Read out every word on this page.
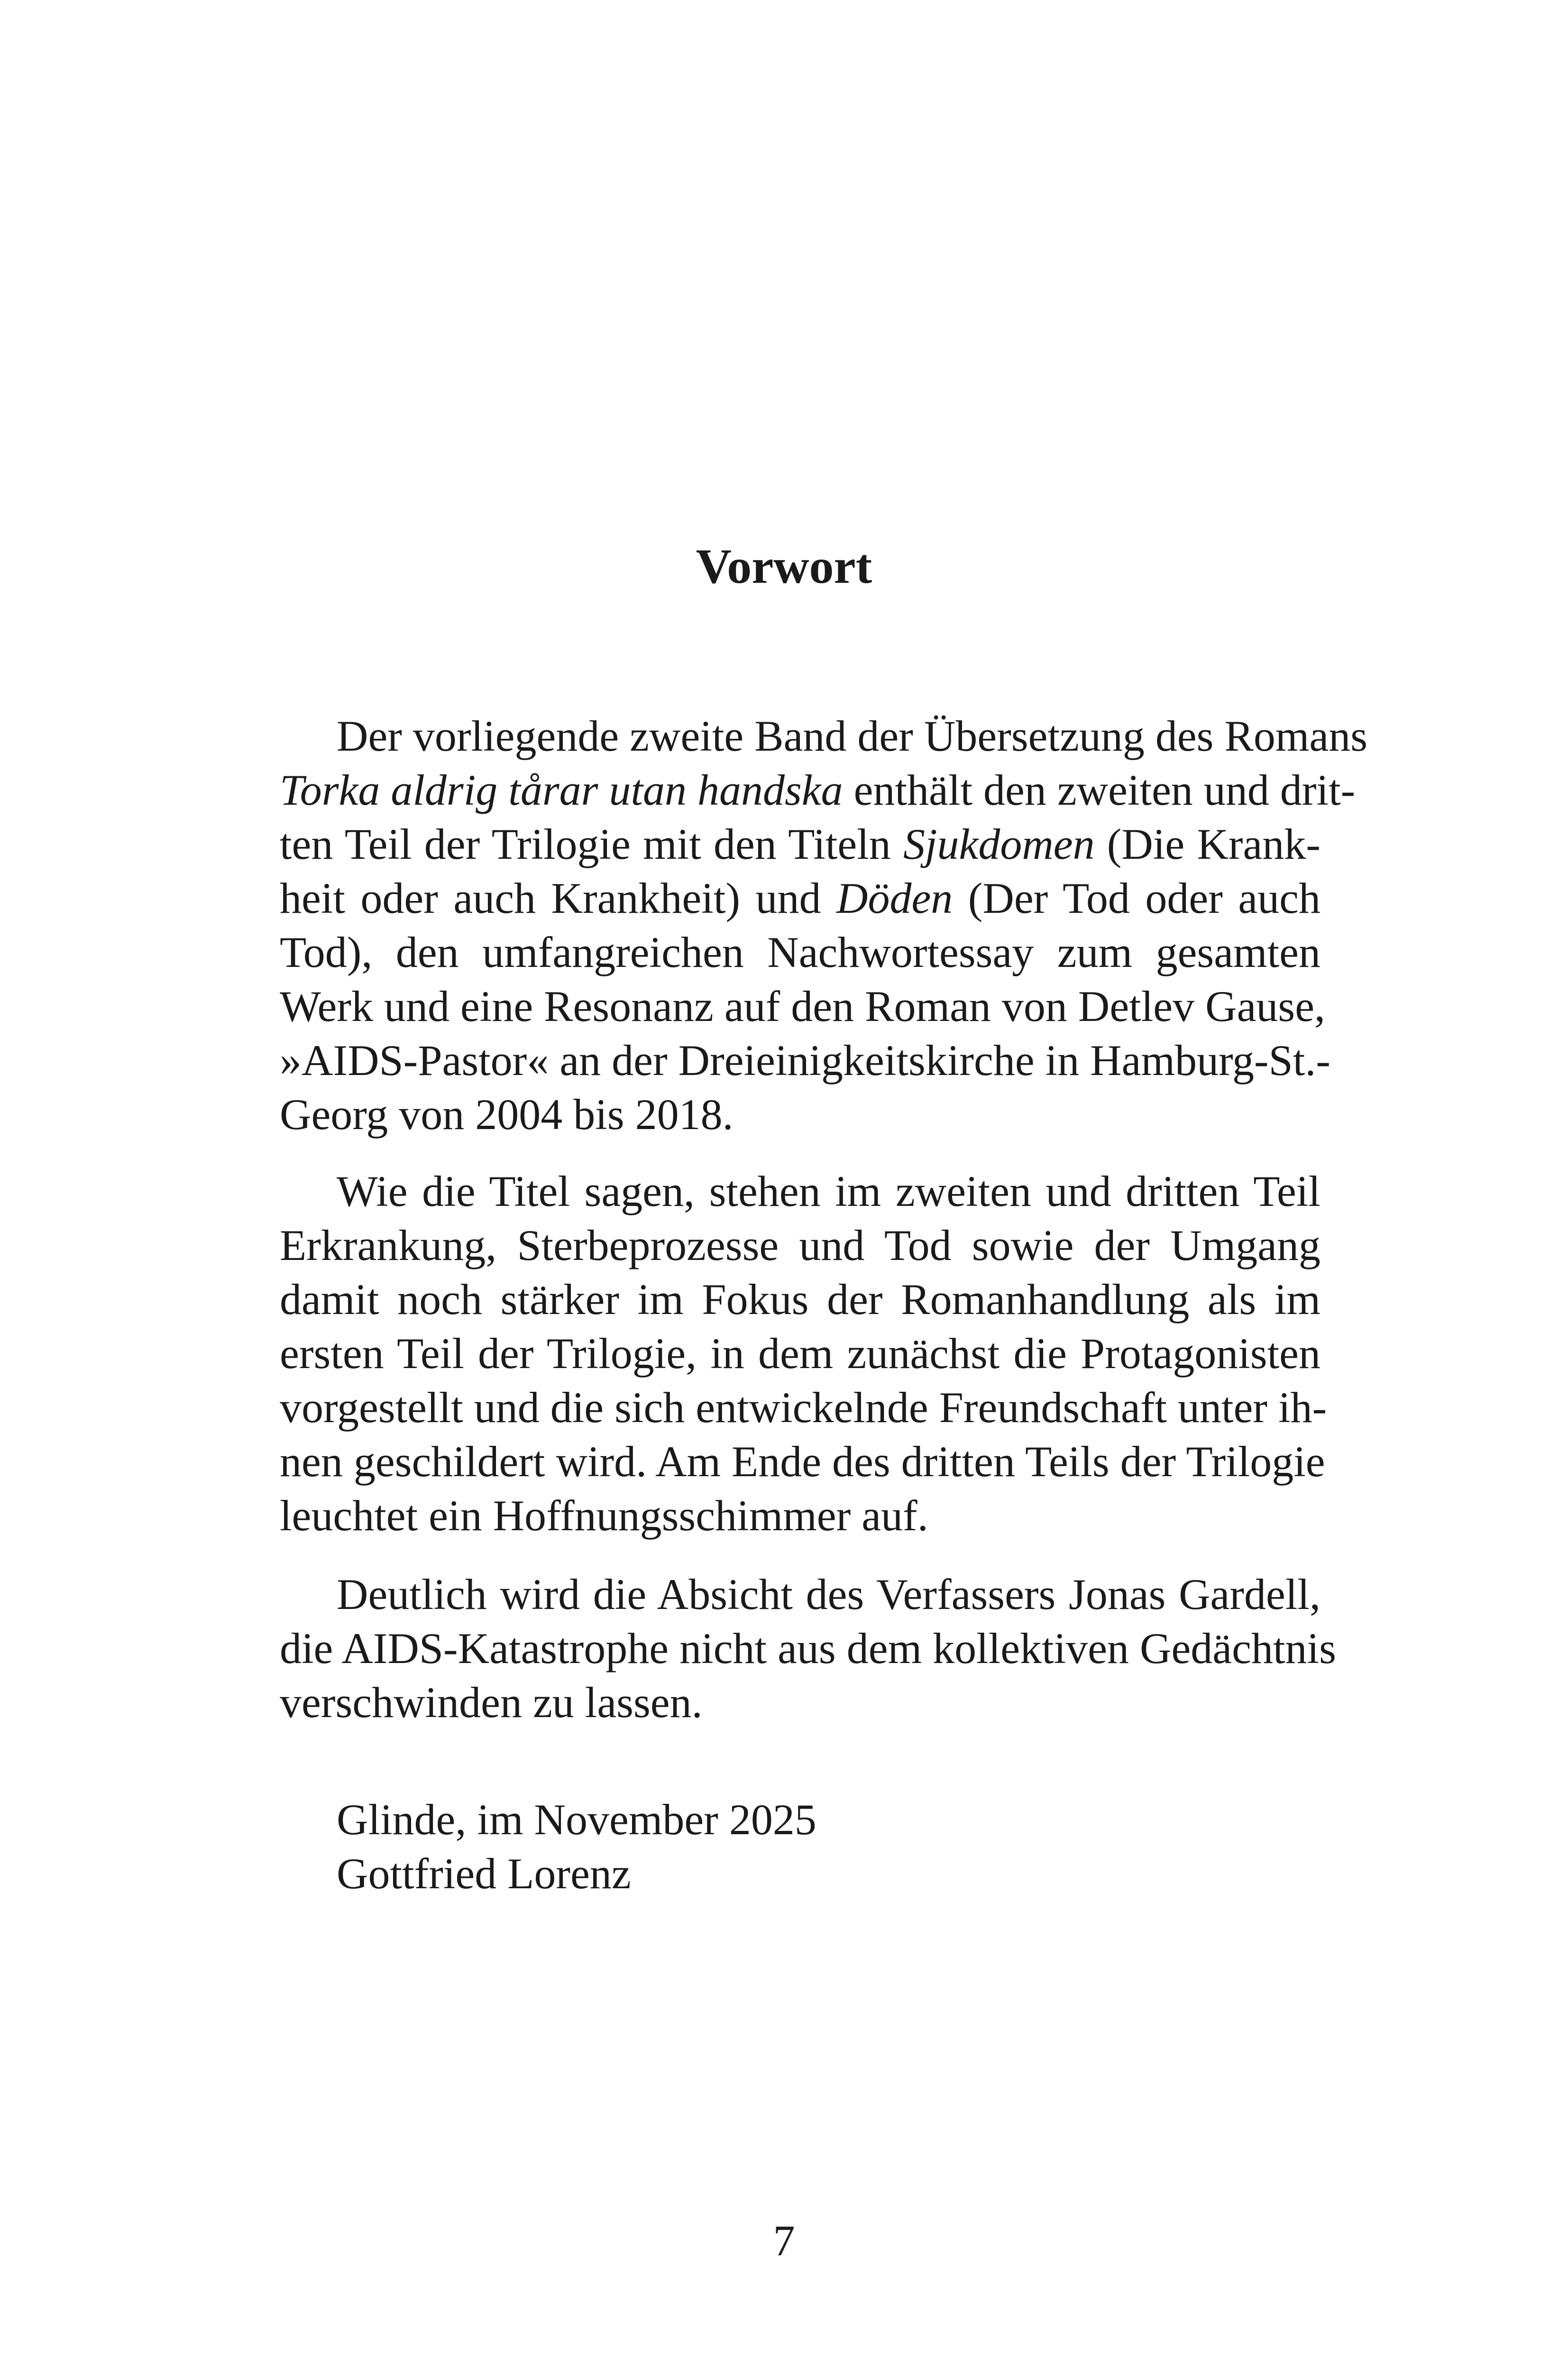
Vorwort
Der vorliegende zweite Band der Übersetzung des Romans
Torka aldrig tårar utan handska enthält den zweiten und drit-
ten Teil der Trilogie mit den Titeln Sjukdomen (Die Krank-
heit oder auch Krankheit) und Döden (Der Tod oder auch
Tod), den umfangreichen Nachwortessay zum gesamten
Werk und eine Resonanz auf den Roman von Detlev Gause,
»AIDS-Pastor« an der Dreieinigkeitskirche in Hamburg-St.-
Georg von 2004 bis 2018.
Wie die Titel sagen, stehen im zweiten und dritten Teil
Erkrankung, Sterbeprozesse und Tod sowie der Umgang
damit noch stärker im Fokus der Romanhandlung als im
ersten Teil der Trilogie, in dem zunächst die Protagonisten
vorgestellt und die sich entwickelnde Freundschaft unter ih-
nen geschildert wird. Am Ende des dritten Teils der Trilogie
leuchtet ein Hoffnungsschimmer auf.
Deutlich wird die Absicht des Verfassers Jonas Gardell,
die AIDS-Katastrophe nicht aus dem kollektiven Gedächtnis
verschwinden zu lassen.
Glinde, im November 2025
Gottfried Lorenz
7
